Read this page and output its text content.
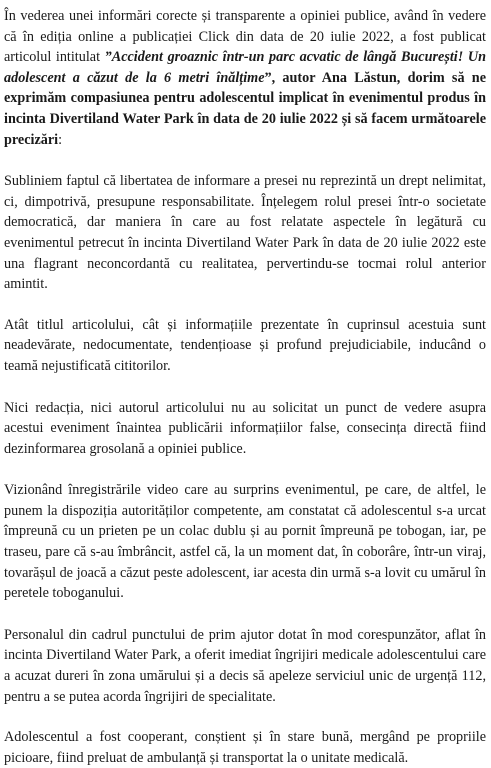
În vederea unei informări corecte și transparente a opiniei publice, având în vedere că în ediția online a publicației Click din data de 20 iulie 2022, a fost publicat articolul intitulat ”Accident groaznic într-un parc acvatic de lângă București! Un adolescent a căzut de la 6 metri înălțime”, autor Ana Lăstun, dorim să ne exprimăm compasiunea pentru adolescentul implicat în evenimentul produs în incinta Divertiland Water Park în data de 20 iulie 2022 și să facem următoarele precizări:

Subliniem faptul că libertatea de informare a presei nu reprezintă un drept nelimitat, ci, dimpotrivă, presupune responsabilitate. Înțelegem rolul presei într-o societate democratică, dar maniera în care au fost relatate aspectele în legătură cu evenimentul petrecut în incinta Divertiland Water Park în data de 20 iulie 2022 este una flagrant neconcordantă cu realitatea, pervertindu-se tocmai rolul anterior amintit.

Atât titlul articolului, cât și informațiile prezentate în cuprinsul acestuia sunt neadevărate, nedocumentate, tendențioase și profund prejudiciabile, inducând o teamă nejustificată cititorilor.

Nici redacția, nici autorul articolului nu au solicitat un punct de vedere asupra acestui eveniment înaintea publicării informațiilor false, consecința directă fiind dezinformarea grosolană a opiniei publice.

Vizionând înregistrările video care au surprins evenimentul, pe care, de altfel, le punem la dispoziția autorităților competente, am constatat că adolescentul s-a urcat împreună cu un prieten pe un colac dublu și au pornit împreună pe tobogan, iar, pe traseu, pare că s-au îmbrâncit, astfel că, la un moment dat, în coborâre, într-un viraj, tovarășul de joacă a căzut peste adolescent, iar acesta din urmă s-a lovit cu umărul în peretele toboganului.

Personalul din cadrul punctului de prim ajutor dotat în mod corespunzător, aflat în incinta Divertiland Water Park, a oferit imediat îngrijiri medicale adolescentului care a acuzat dureri în zona umărului și a decis să apeleze serviciul unic de urgență 112, pentru a se putea acorda îngrijiri de specialitate.

Adolescentul a fost cooperant, conștient și în stare bună, mergând pe propriile picioare, fiind preluat de ambulanță și transportat la o unitate medicală.
